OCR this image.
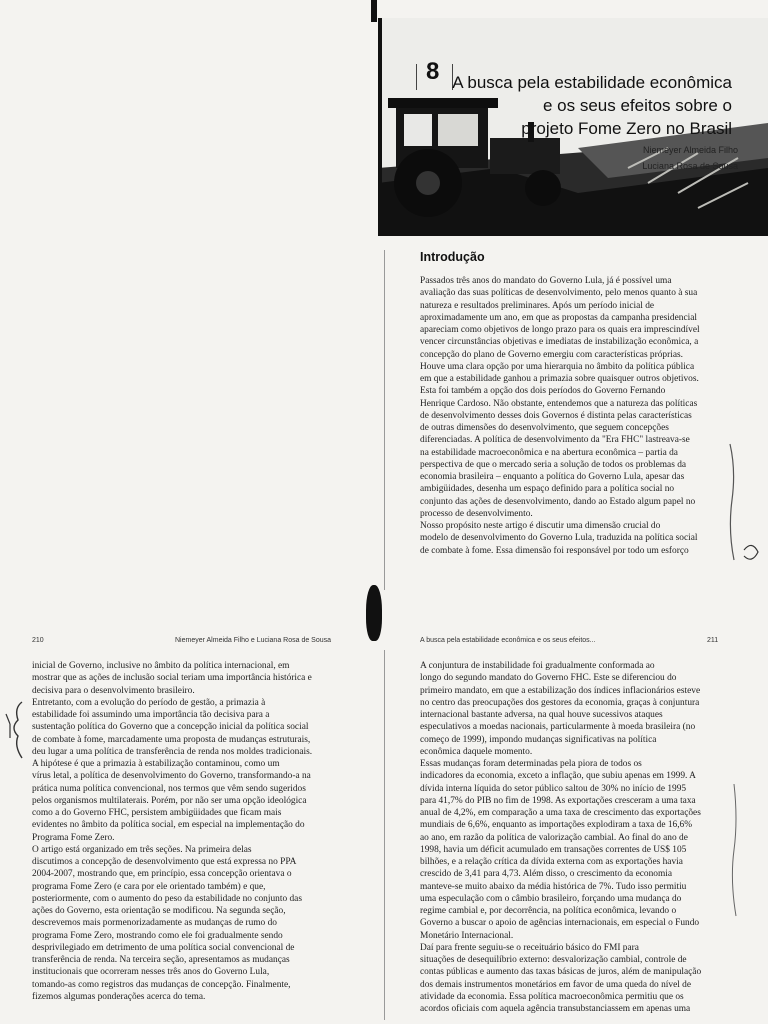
8 A busca pela estabilidade econômica
e os seus efeitos sobre o
projeto Fome Zero no Brasil
Niemeyer Almeida Filho
Luciana Rosa de Sousa
Introdução

Passados três anos do mandato do Governo Lula, já é possível uma
avaliação das suas políticas de desenvolvimento, pelo menos quanto à sua
natureza e resultados preliminares. Após um período inicial de
aproximadamente um ano, em que as propostas da campanha presidencial
apareciam como objetivos de longo prazo para os quais era imprescindível
vencer circunstâncias objetivas e imediatas de instabilização econômica, a
concepção do plano de Governo emergiu com características próprias.
Houve uma clara opção por uma hierarquia no âmbito da política pública
em que a estabilidade ganhou a primazia sobre quaisquer outros objetivos.
Esta foi também a opção dos dois períodos do Governo Fernando
Henrique Cardoso. Não obstante, entendemos que a natureza das políticas
de desenvolvimento desses dois Governos é distinta pelas características
de outras dimensões do desenvolvimento, que seguem concepções
diferenciadas. A política de desenvolvimento da "Era FHC" lastreava-se
na estabilidade macroeconômica e na abertura econômica – partia da
perspectiva de que o mercado seria a solução de todos os problemas da
economia brasileira – enquanto a política do Governo Lula, apesar das
ambigüidades, desenha um espaço definido para a política social no
conjunto das ações de desenvolvimento, dando ao Estado algum papel no
processo de desenvolvimento.
Nosso propósito neste artigo é discutir uma dimensão crucial do
modelo de desenvolvimento do Governo Lula, traduzida na política social
de combate à fome. Essa dimensão foi responsável por todo um esforço

210	Niemeyer Almeida Filho e Luciana Rosa de Sousa

inicial de Governo, inclusive no âmbito da política internacional, em
mostrar que as ações de inclusão social teriam uma importância histórica e
decisiva para o desenvolvimento brasileiro.
Entretanto, com a evolução do período de gestão, a primazia à
estabilidade foi assumindo uma importância tão decisiva para a
sustentação política do Governo que a concepção inicial da política social
de combate à fome, marcadamente uma proposta de mudanças estruturais,
deu lugar a uma política de transferência de renda nos moldes tradicionais.
A hipótese é que a primazia à estabilização contaminou, como um
vírus letal, a política de desenvolvimento do Governo, transformando-a na
prática numa política convencional, nos termos que vêm sendo sugeridos
pelos organismos multilaterais. Porém, por não ser uma opção ideológica
como a do Governo FHC, persistem ambigüidades que ficam mais
evidentes no âmbito da política social, em especial na implementação do
Programa Fome Zero.
O artigo está organizado em três seções. Na primeira delas
discutimos a concepção de desenvolvimento que está expressa no PPA
2004-2007, mostrando que, em princípio, essa concepção orientava o
programa Fome Zero (e cara por ele orientado também) e que,
posteriormente, com o aumento do peso da estabilidade no conjunto das
ações do Governo, esta orientação se modificou. Na segunda seção,
descrevemos mais pormenorizadamente as mudanças de rumo do
programa Fome Zero, mostrando como ele foi gradualmente sendo
desprivilegiado em detrimento de uma política social convencional de
transferência de renda. Na terceira seção, apresentamos as mudanças
institucionais que ocorreram nesses três anos do Governo Lula,
tomando-as como registros das mudanças de concepção. Finalmente,
fizemos algumas ponderações acerca do tema.

A busca pela estabilidade econômica e os seus efeitos...	211

A conjuntura de instabilidade foi gradualmente conformada ao
longo do segundo mandato do Governo FHC. Este se diferenciou do
primeiro mandato, em que a estabilização dos índices inflacionários esteve
no centro das preocupações dos gestores da economia, graças à conjuntura
internacional bastante adversa, na qual houve sucessivos ataques
especulativos a moedas nacionais, particularmente à moeda brasileira (no
começo de 1999), impondo mudanças significativas na política
econômica daquele momento.
Essas mudanças foram determinadas pela piora de todos os
indicadores da economia, exceto a inflação, que subiu apenas em 1999. A
dívida interna líquida do setor público saltou de 30% no início de 1995
para 41,7% do PIB no fim de 1998. As exportações cresceram a uma taxa
anual de 4,2%, em comparação a uma taxa de crescimento das exportações
mundiais de 6,6%, enquanto as importações explodiram a taxa de 16,6%
ao ano, em razão da política de valorização cambial. Ao final do ano de
1998, havia um déficit acumulado em transações correntes de US$ 105
bilhões, e a relação crítica da dívida externa com as exportações havia
crescido de 3,41 para 4,73. Além disso, o crescimento da economia
manteve-se muito abaixo da média histórica de 7%. Tudo isso permitiu
uma especulação com o câmbio brasileiro, forçando uma mudança do
regime cambial e, por decorrência, na política econômica, levando o
Governo a buscar o apoio de agências internacionais, em especial o Fundo
Monetário Internacional.
Daí para frente seguiu-se o receituário básico do FMI para
situações de desequilíbrio externo: desvalorização cambial, controle de
contas públicas e aumento das taxas básicas de juros, além de manipulação
dos demais instrumentos monetários em favor de uma queda do nível de
atividade da economia. Essa política macroeconômica permitiu que os
acordos oficiais com aquela agência transubstanciassem em apenas uma
